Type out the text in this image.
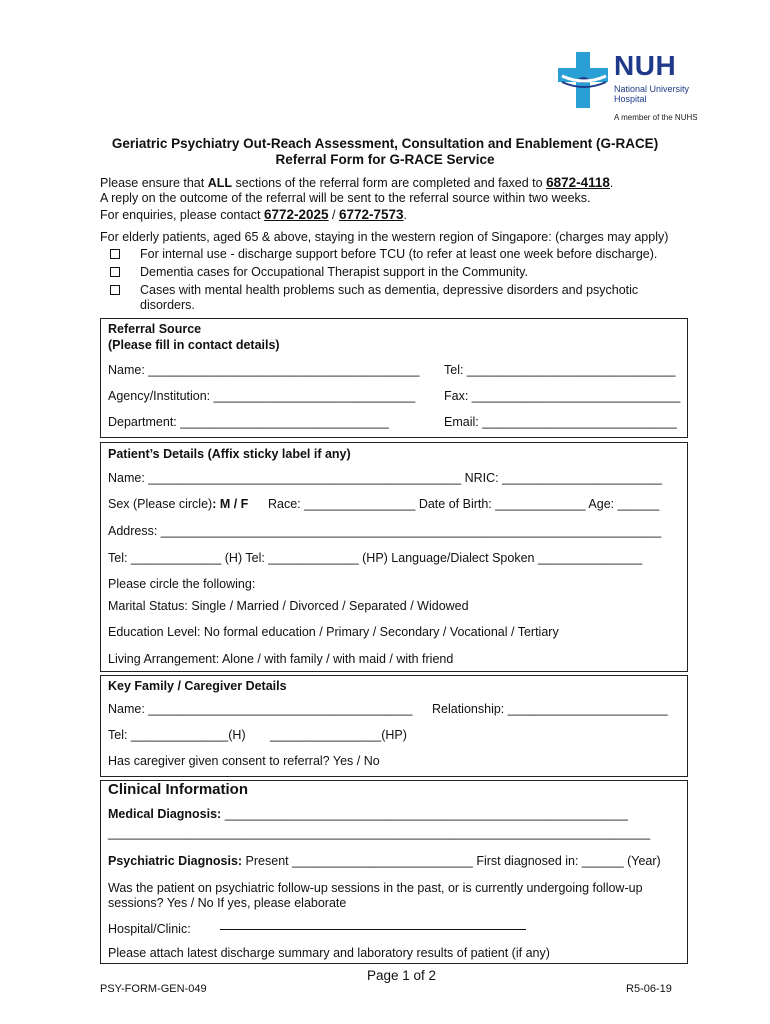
NUH
National University
Hospital
A member of the NUHS
Geriatric Psychiatry Out-Reach Assessment, Consultation and Enablement (G-RACE)
Referral Form for G-RACE Service
Please ensure that ALL sections of the referral form are completed and faxed to 6872-4118.
A reply on the outcome of the referral will be sent to the referral source within two weeks.
For enquiries, please contact 6772-2025 / 6772-7573.
For elderly patients, aged 65 & above, staying in the western region of Singapore: (charges may apply)
For internal use - discharge support before TCU (to refer at least one week before discharge).
Dementia cases for Occupational Therapist support in the Community.
Cases with mental health problems such as dementia, depressive disorders and psychotic
disorders.
Referral Source
(Please fill in contact details)
Name: _______________________________________ Tel: ______________________________
Agency/Institution: _____________________________ Fax: ______________________________
Department: ______________________________	Email: ____________________________
Patient’s Details (Affix sticky label if any)
Name: _____________________________________________ NRIC: _______________________
Sex (Please circle): M / F Race: ________________ Date of Birth: _____________ Age: ______
Address: ________________________________________________________________________
Tel: _____________ (H) Tel: _____________ (HP) Language/Dialect Spoken _______________
Please circle the following:
Marital Status: Single / Married / Divorced / Separated / Widowed
Education Level: No formal education / Primary / Secondary / Vocational / Tertiary
Living Arrangement: Alone / with family / with maid / with friend
Key Family / Caregiver Details
Name: ______________________________________ Relationship: _______________________
Tel: ______________(H) ________________(HP)
Has caregiver given consent to referral? Yes / No
Clinical Information
Medical Diagnosis: __________________________________________________________
______________________________________________________________________________
Psychiatric Diagnosis: Present __________________________ First diagnosed in: ______ (Year)
Was the patient on psychiatric follow-up sessions in the past, or is currently undergoing follow-up
sessions? Yes / No If yes, please elaborate
Hospital/Clinic:
Please attach latest discharge summary and laboratory results of patient (if any)
Page 1 of 2
PSY-FORM-GEN-049	R5-06-19
